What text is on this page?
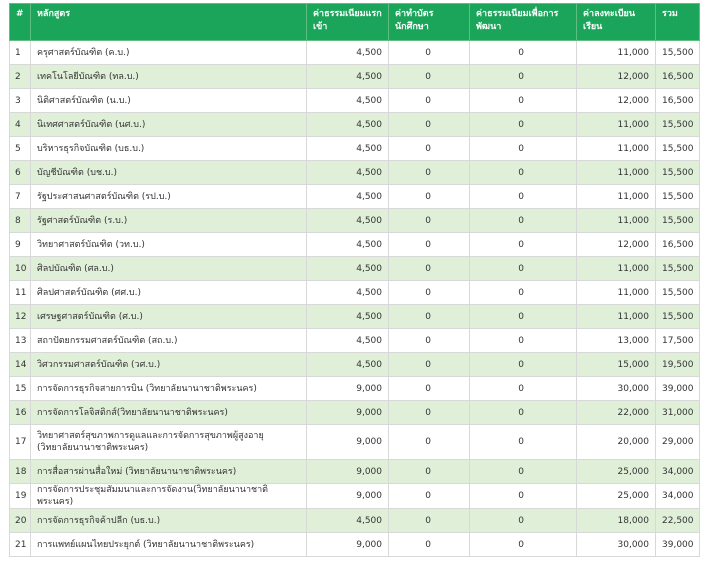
#	หลักสูตร	ค่าธรรมเนียมแรกเข้า	ค่าทำบัตรนักศึกษา	ค่าธรรมเนียมเพื่อการพัฒนา	ค่าลงทะเบียนเรียน	รวม
1	ครุศาสตร์บัณฑิต (ค.บ.)	4,500	0	0	11,000	15,500
2	เทคโนโลยีบัณฑิต (ทล.บ.)	4,500	0	0	12,000	16,500
3	นิติศาสตร์บัณฑิต (น.บ.)	4,500	0	0	12,000	16,500
4	นิเทศศาสตร์บัณฑิต (นศ.บ.)	4,500	0	0	11,000	15,500
5	บริหารธุรกิจบัณฑิต (บธ.บ.)	4,500	0	0	11,000	15,500
6	บัญชีบัณฑิต (บช.บ.)	4,500	0	0	11,000	15,500
7	รัฐประศาสนศาสตร์บัณฑิต (รป.บ.)	4,500	0	0	11,000	15,500
8	รัฐศาสตร์บัณฑิต (ร.บ.)	4,500	0	0	11,000	15,500
9	วิทยาศาสตร์บัณฑิต (วท.บ.)	4,500	0	0	12,000	16,500
10	ศิลปบัณฑิต (ศล.บ.)	4,500	0	0	11,000	15,500
11	ศิลปศาสตร์บัณฑิต (ศศ.บ.)	4,500	0	0	11,000	15,500
12	เศรษฐศาสตร์บัณฑิต (ศ.บ.)	4,500	0	0	11,000	15,500
13	สถาปัตยกรรมศาสตร์บัณฑิต (สถ.บ.)	4,500	0	0	13,000	17,500
14	วิศวกรรมศาสตร์บัณฑิต (วศ.บ.)	4,500	0	0	15,000	19,500
15	การจัดการธุรกิจสายการบิน (วิทยาลัยนานาชาติพระนคร)	9,000	0	0	30,000	39,000
16	การจัดการโลจิสติกส์(วิทยาลัยนานาชาติพระนคร)	9,000	0	0	22,000	31,000
17	วิทยาศาสตร์สุขภาพการดูแลและการจัดการสุขภาพผู้สูงอายุ (วิทยาลัยนานาชาติพระนคร)	9,000	0	0	20,000	29,000
18	การสื่อสารผ่านสื่อใหม่ (วิทยาลัยนานาชาติพระนคร)	9,000	0	0	25,000	34,000
19	การจัดการประชุมสัมมนาและการจัดงาน(วิทยาลัยนานาชาติพระนคร)	9,000	0	0	25,000	34,000
20	การจัดการธุรกิจค้าปลีก (บธ.บ.)	4,500	0	0	18,000	22,500
21	การแพทย์แผนไทยประยุกต์ (วิทยาลัยนานาชาติพระนคร)	9,000	0	0	30,000	39,000
